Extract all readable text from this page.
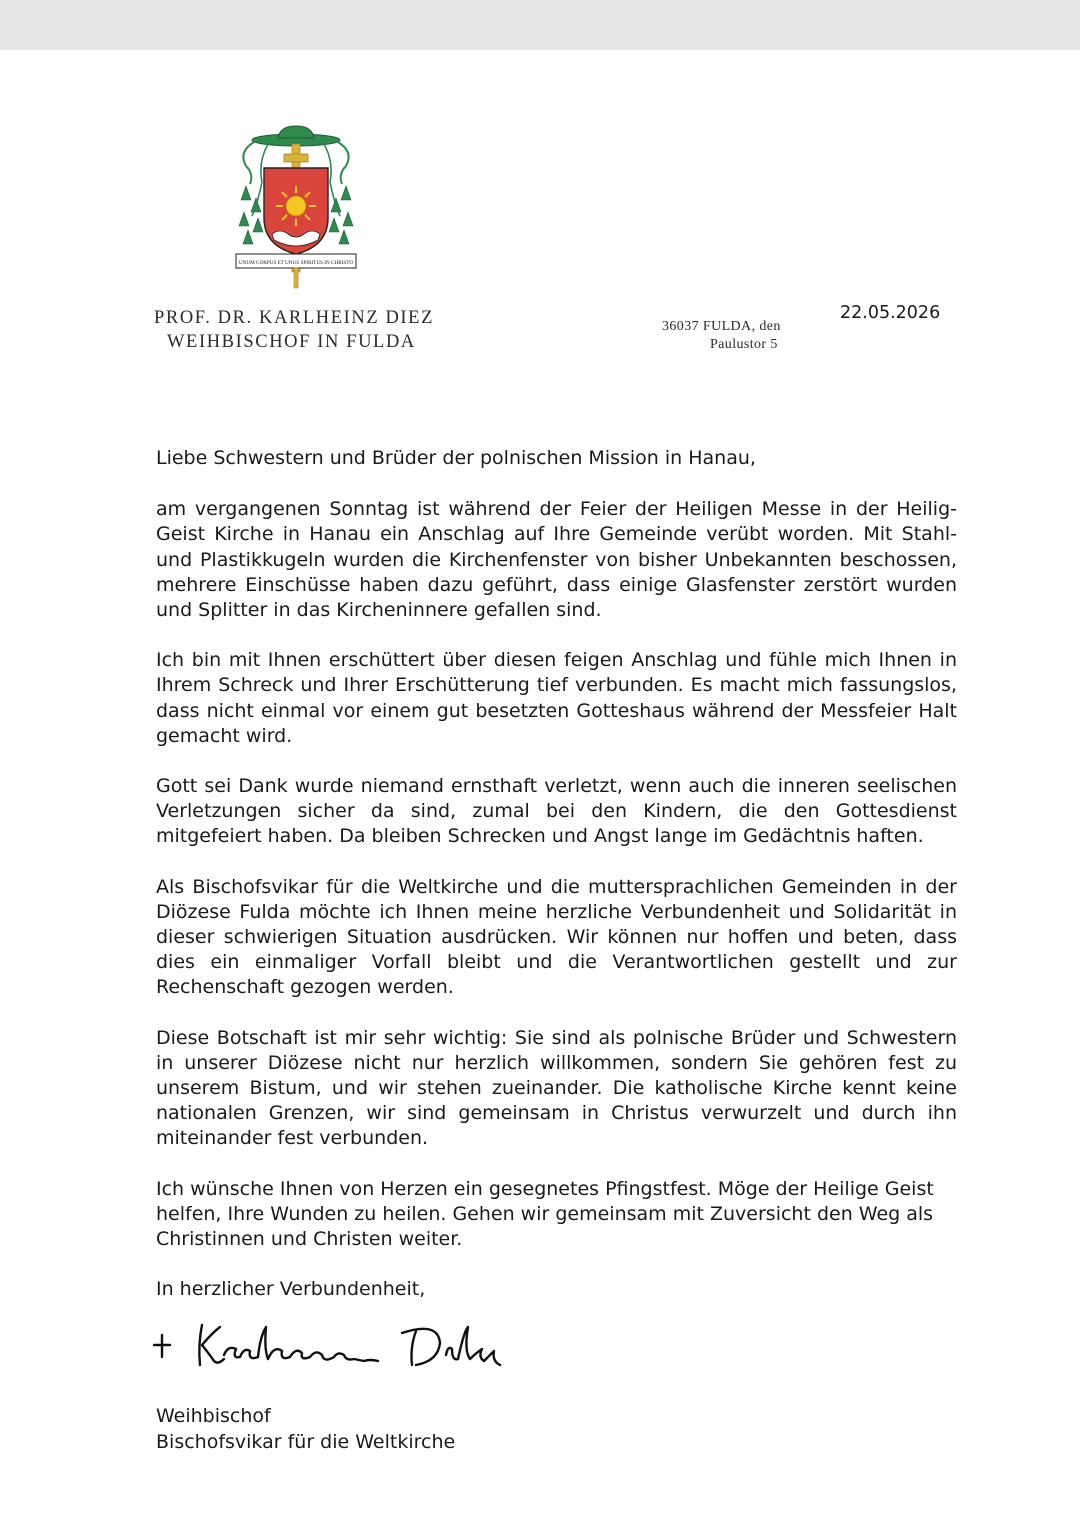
UNUM CORPUS ET UNUS SPIRITUS IN CHRISTO
PROF. DR. KARLHEINZ DIEZ
WEIHBISCHOF IN FULDA
36037 FULDA, den
Paulustor 5
22.05.2026

Liebe Schwestern und Brüder der polnischen Mission in Hanau,

am vergangenen Sonntag ist während der Feier der Heiligen Messe in der Heilig-Geist Kirche in Hanau ein Anschlag auf Ihre Gemeinde verübt worden. Mit Stahl- und Plastikkugeln wurden die Kirchenfenster von bisher Unbekannten beschossen, mehrere Einschüsse haben dazu geführt, dass einige Glasfenster zerstört wurden und Splitter in das Kircheninnere gefallen sind.

Ich bin mit Ihnen erschüttert über diesen feigen Anschlag und fühle mich Ihnen in Ihrem Schreck und Ihrer Erschütterung tief verbunden. Es macht mich fassungslos, dass nicht einmal vor einem gut besetzten Gotteshaus während der Messfeier Halt gemacht wird.

Gott sei Dank wurde niemand ernsthaft verletzt, wenn auch die inneren seelischen Verletzungen sicher da sind, zumal bei den Kindern, die den Gottesdienst mitgefeiert haben. Da bleiben Schrecken und Angst lange im Gedächtnis haften.

Als Bischofsvikar für die Weltkirche und die muttersprachlichen Gemeinden in der Diözese Fulda möchte ich Ihnen meine herzliche Verbundenheit und Solidarität in dieser schwierigen Situation ausdrücken. Wir können nur hoffen und beten, dass dies ein einmaliger Vorfall bleibt und die Verantwortlichen gestellt und zur Rechenschaft gezogen werden.

Diese Botschaft ist mir sehr wichtig: Sie sind als polnische Brüder und Schwestern in unserer Diözese nicht nur herzlich willkommen, sondern Sie gehören fest zu unserem Bistum, und wir stehen zueinander. Die katholische Kirche kennt keine nationalen Grenzen, wir sind gemeinsam in Christus verwurzelt und durch ihn miteinander fest verbunden.

Ich wünsche Ihnen von Herzen ein gesegnetes Pfingstfest. Möge der Heilige Geist helfen, Ihre Wunden zu heilen. Gehen wir gemeinsam mit Zuversicht den Weg als Christinnen und Christen weiter.

In herzlicher Verbundenheit,
Weihbischof
Bischofsvikar für die Weltkirche
